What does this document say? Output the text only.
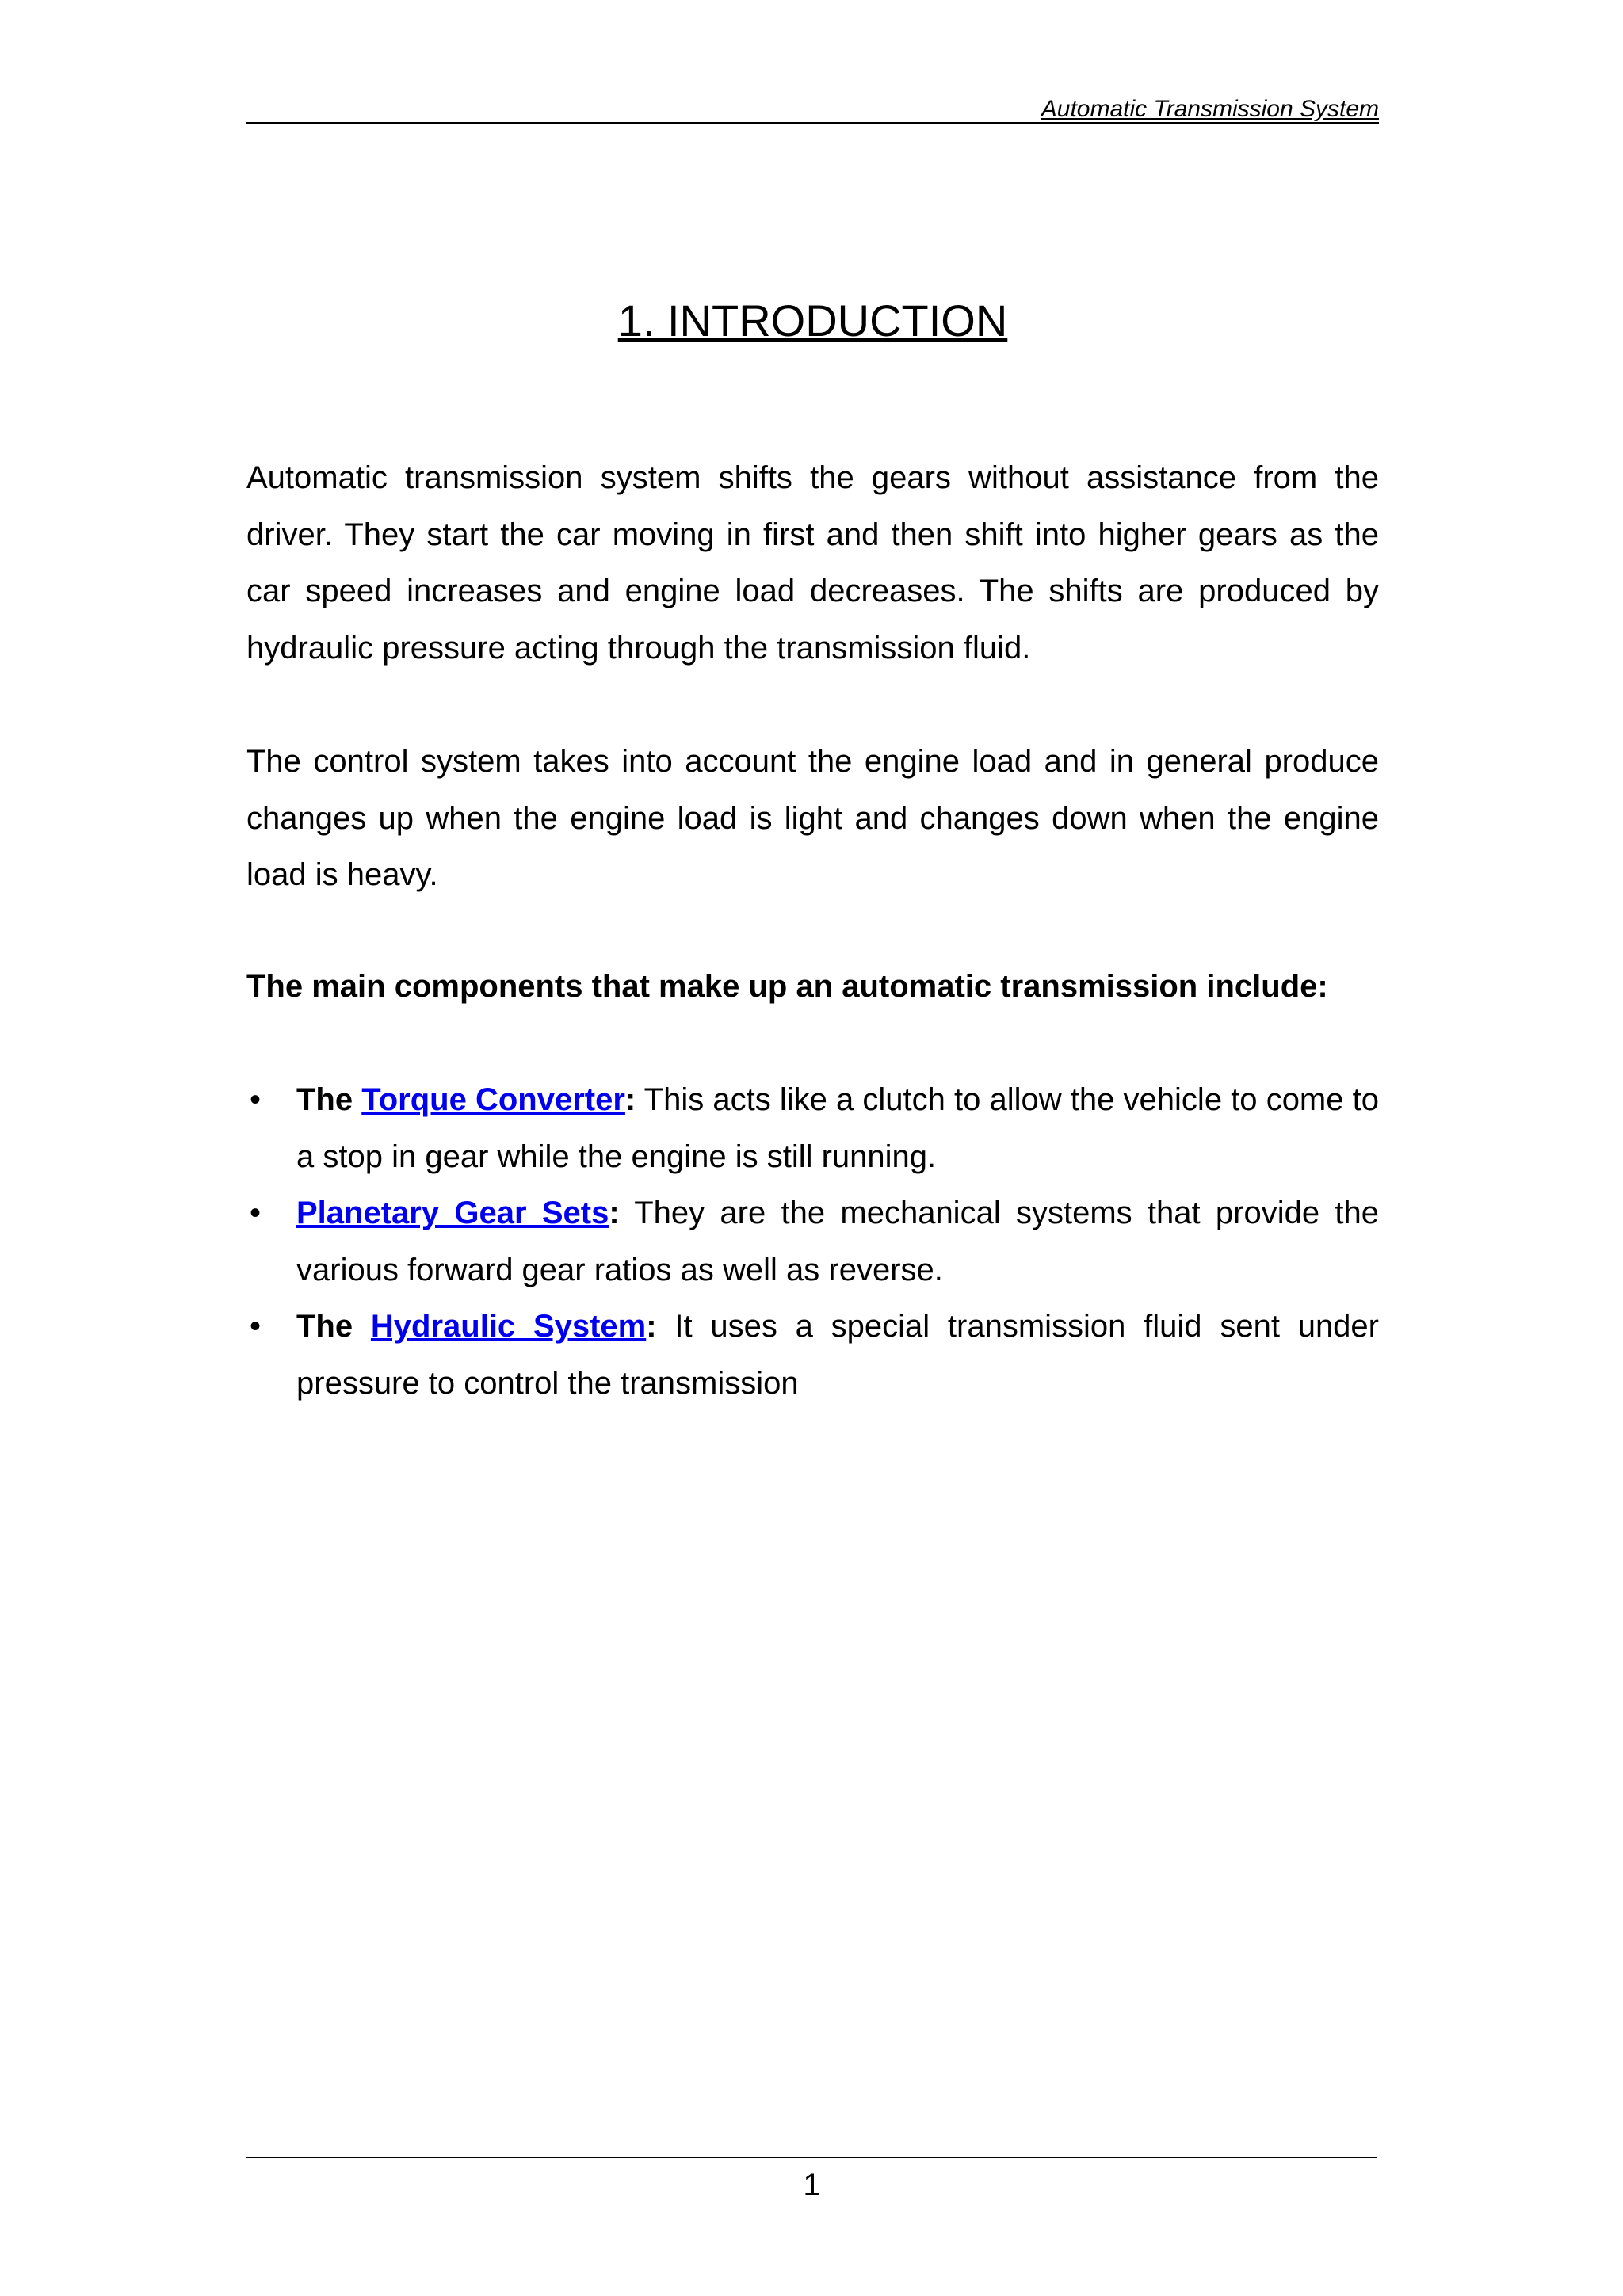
Automatic Transmission System
1. INTRODUCTION

Automatic transmission system shifts the gears without assistance from the driver. They start the car moving in first and then shift into higher gears as the car speed increases and engine load decreases. The shifts are produced by hydraulic pressure acting through the transmission fluid.

The control system takes into account the engine load and in general produce changes up when the engine load is light and changes down when the engine load is heavy.

The main components that make up an automatic transmission include:

•	The Torque Converter: This acts like a clutch to allow the vehicle to come to a stop in gear while the engine is still running.
•	Planetary Gear Sets: They are the mechanical systems that provide the various forward gear ratios as well as reverse.
•	The Hydraulic System: It uses a special transmission fluid sent under pressure to control the transmission
1
